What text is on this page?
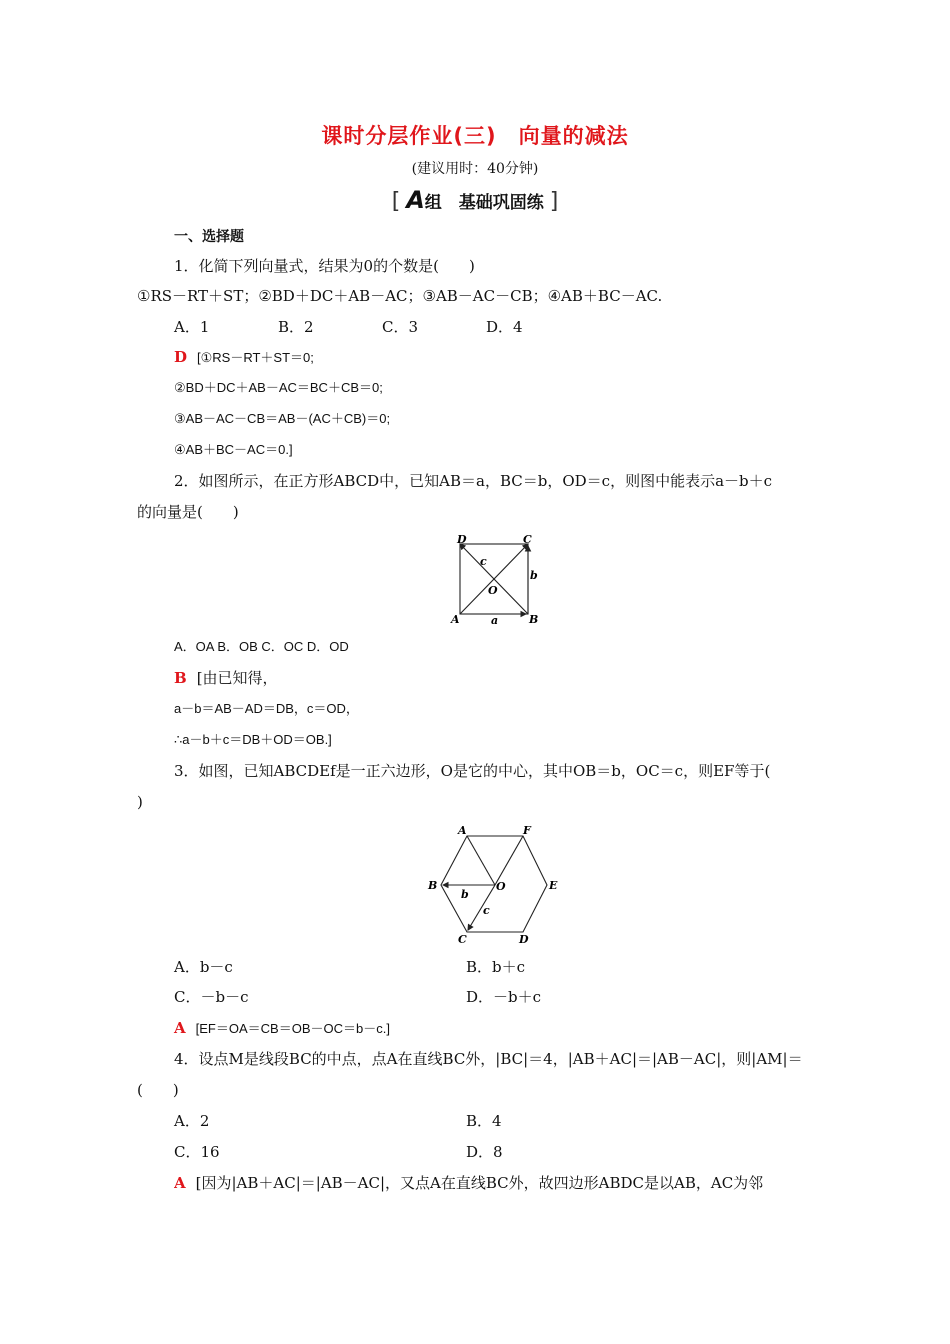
课时分层作业(三)　向量的减法
(建议用时：40分钟)
[ A组　基础巩固练 ]
一、选择题
1．化简下列向量式，结果为0的个数是(　　)
①RS－RT＋ST；②BD＋DC＋AB－AC；③AB－AC－CB；④AB＋BC－AC.
A．1	B．2	C．3	D．4
D [①RS－RT＋ST＝0;
②BD＋DC＋AB－AC＝BC＋CB＝0;
③AB－AC－CB＝AB－(AC＋CB)＝0;
④AB＋BC－AC＝0.]
2．如图所示，在正方形ABCD中，已知AB＝a，BC＝b，OD＝c，则图中能表示a－b＋c
的向量是(　　)
D	C
A	B
O
a
b
c
A．OA B．OB C．OC D．OD
B [由已知得，
a－b＝AB－AD＝DB，c＝OD，
∴a－b＋c＝DB＋OD＝OB.]
3．如图，已知ABCDEf是一正六边形，O是它的中心，其中OB＝b，OC＝c，则EF等于(
)
A	F
B	O	E
C	D
b
c
A．b－c	B．b＋c
C．－b－c	D．－b＋c
A [EF＝OA＝CB＝OB－OC＝b－c.]
4．设点M是线段BC的中点，点A在直线BC外，|BC|＝4，|AB＋AC|＝|AB－AC|，则|AM|＝
(　　)
A．2	B．4
C．16	D．8
A [因为|AB＋AC|＝|AB－AC|，又点A在直线BC外，故四边形ABDC是以AB，AC为邻
